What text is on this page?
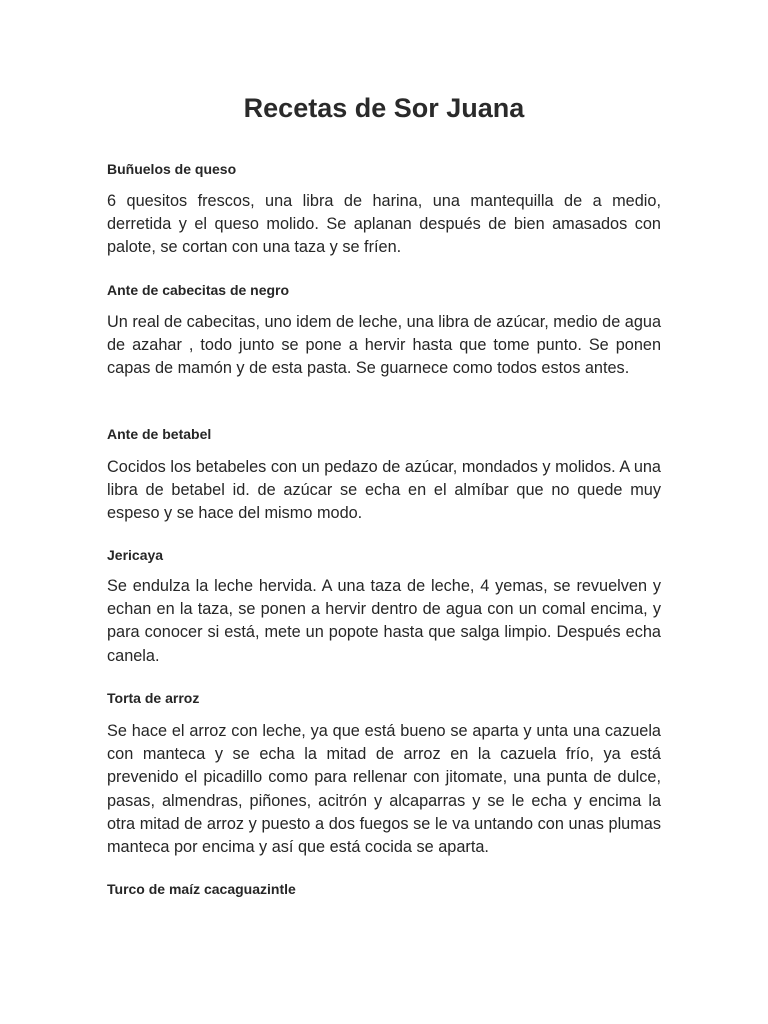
Recetas de Sor Juana
Buñuelos de queso

6 quesitos frescos, una libra de harina, una mantequilla de a medio, derretida y el queso molido. Se aplanan después de bien amasados con palote, se cortan con una taza y se fríen.

Ante de cabecitas de negro

Un real de cabecitas, uno idem de leche, una libra de azúcar, medio de agua de azahar , todo junto se pone a hervir hasta que tome punto. Se ponen capas de mamón y de esta pasta. Se guarnece como todos estos antes.

Ante de betabel

Cocidos los betabeles con un pedazo de azúcar, mondados y molidos. A una libra de betabel id. de azúcar se echa en el almíbar que no quede muy espeso y se hace del mismo modo.

Jericaya

Se endulza la leche hervida. A una taza de leche, 4 yemas, se revuelven y echan en la taza, se ponen a hervir dentro de agua con un comal encima, y para conocer si está, mete un popote hasta que salga limpio. Después echa canela.

Torta de arroz

Se hace el arroz con leche, ya que está bueno se aparta y unta una cazuela con manteca y se echa la mitad de arroz en la cazuela frío, ya está prevenido el picadillo como para rellenar con jitomate, una punta de dulce, pasas, almendras, piñones, acitrón y alcaparras y se le echa y encima la otra mitad de arroz y puesto a dos fuegos se le va untando con unas plumas manteca por encima y así que está cocida se aparta.

Turco de maíz cacaguazintle
